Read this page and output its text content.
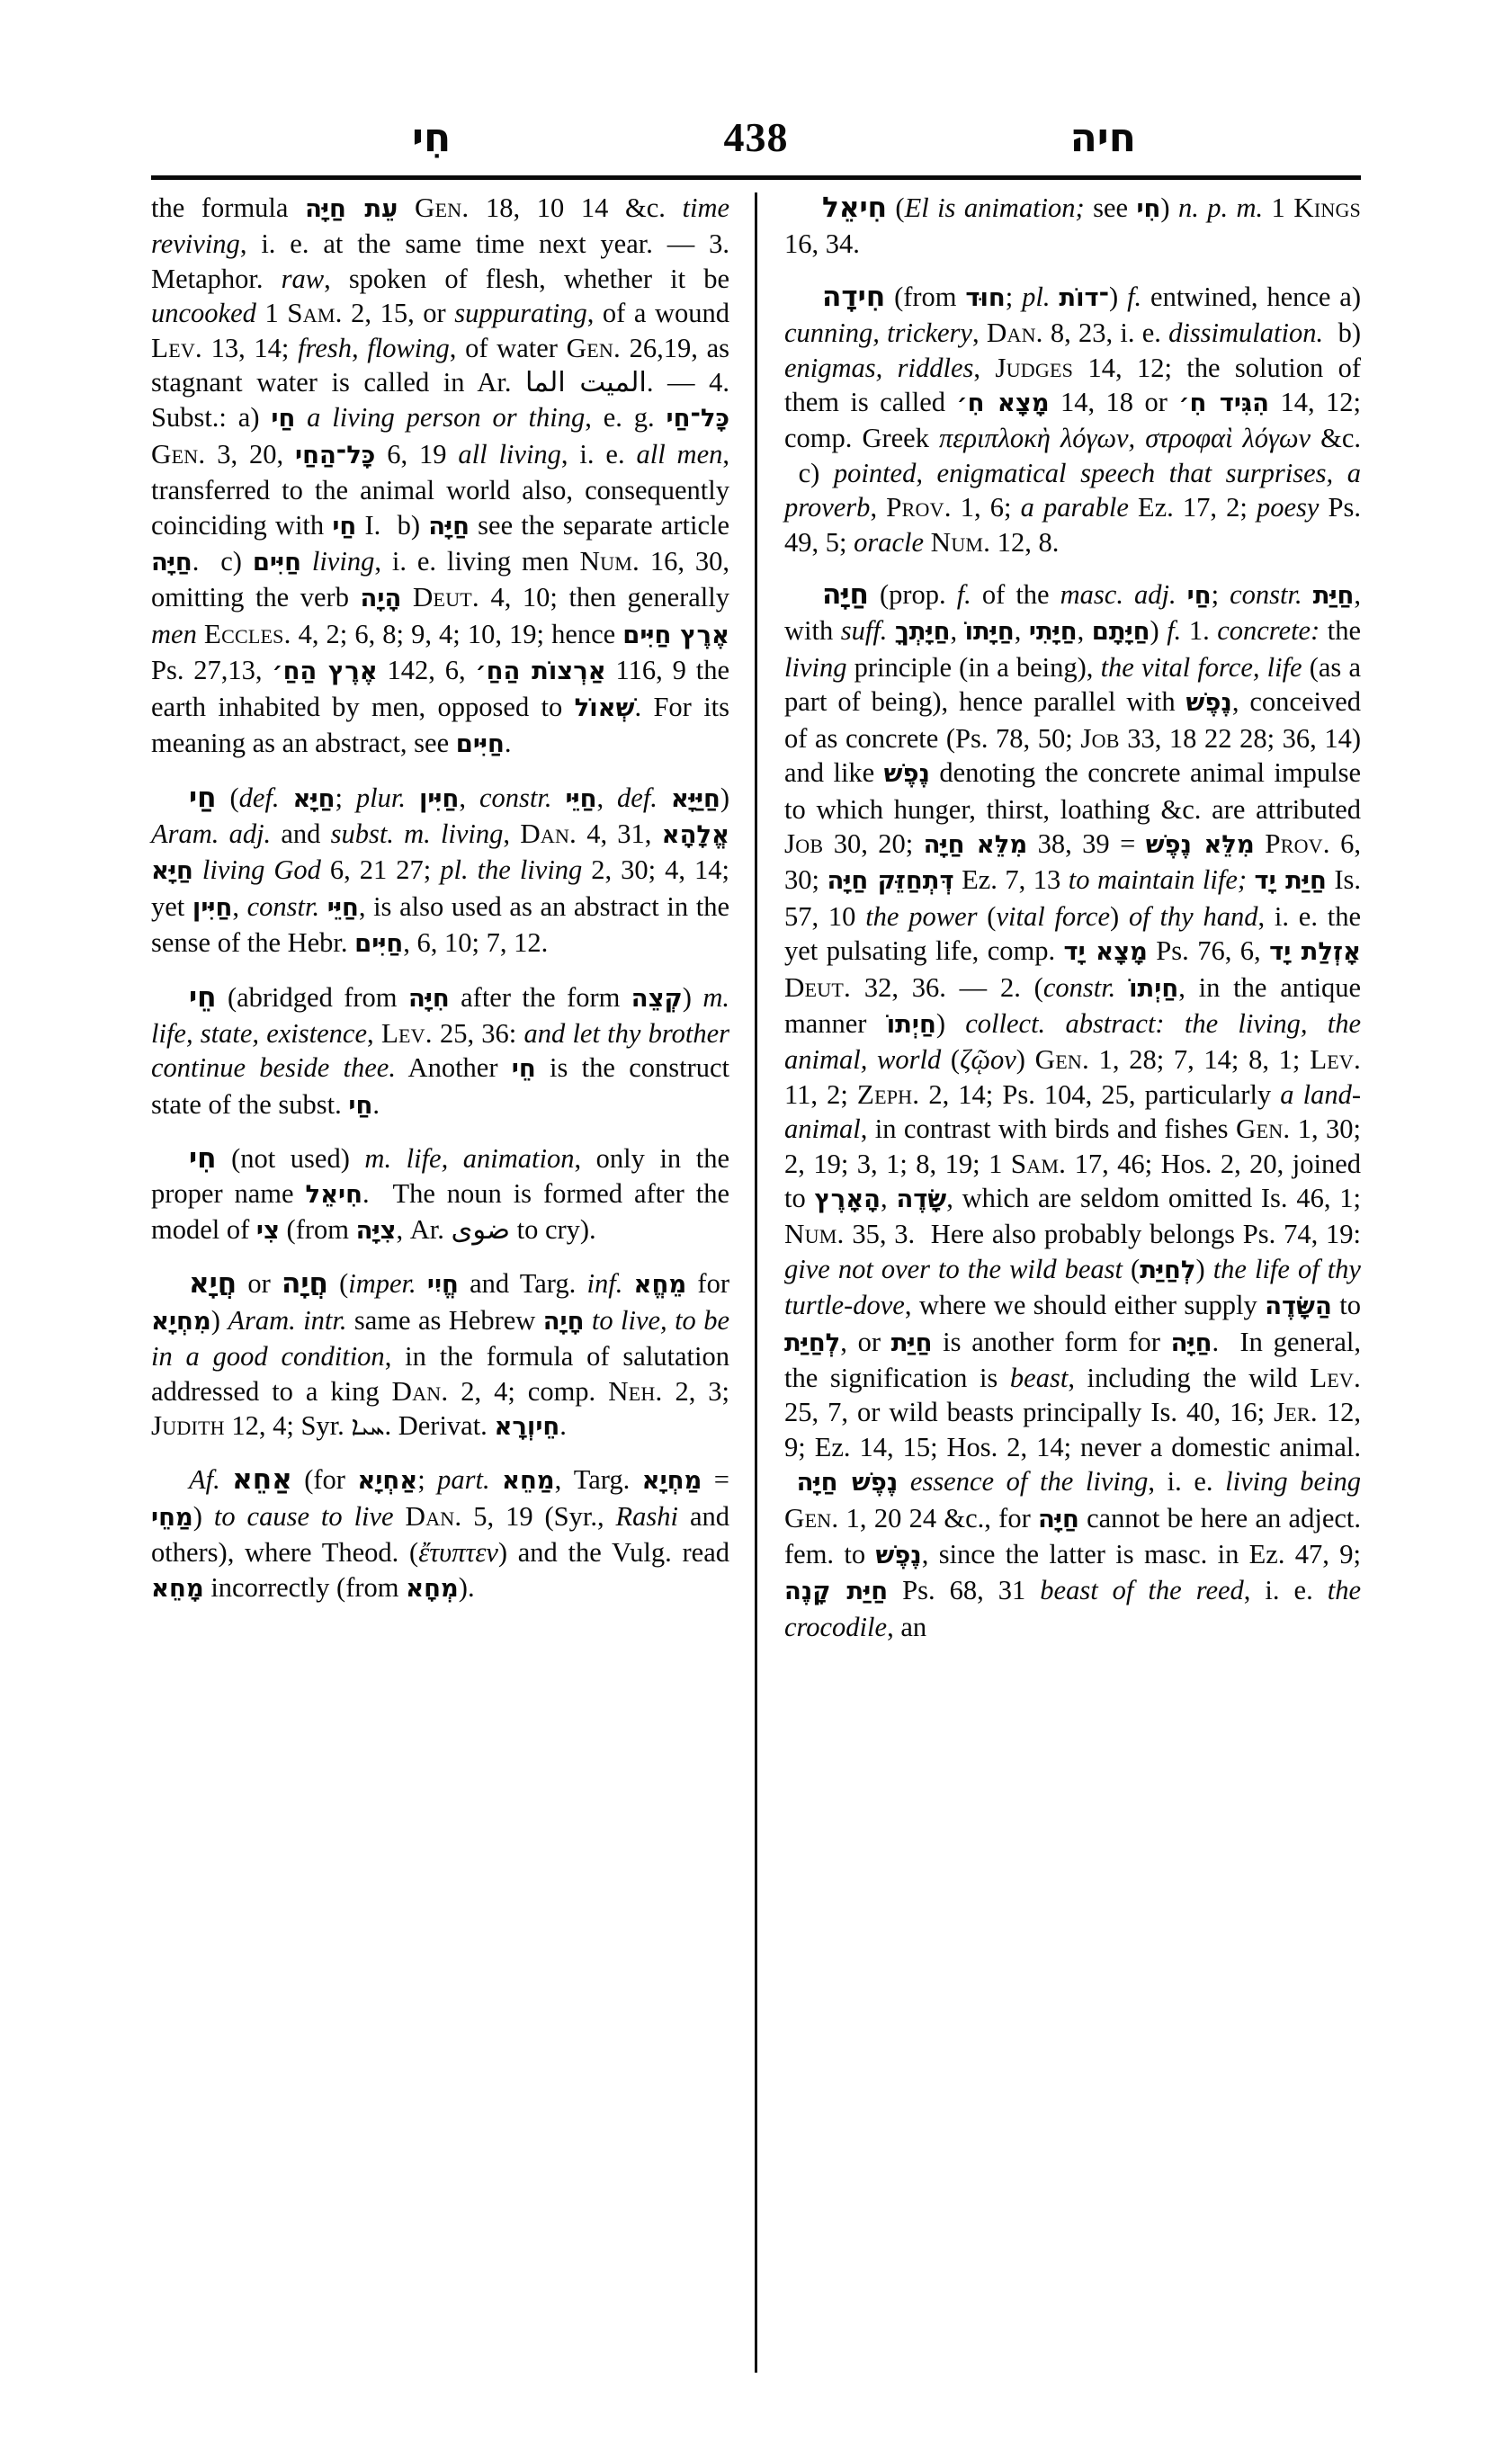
חִי	438	חיה

the formula עֵת חַיָּה Gen. 18, 10 14 &c. time reviving, i. e. at the same time next year. — 3. Metaphor. raw, spoken of flesh, whether it be uncooked 1 Sam. 2, 15, or suppurating, of a wound Lev. 13, 14; fresh, flowing, of water Gen. 26,19, as stagnant water is called in Ar. الما الميت. — 4. Subst.: a) חַי a living person or thing, e. g. כָּל־חַי Gen. 3, 20, כָּל־הַחַי 6, 19 all living, i. e. all men, transferred to the animal world also, consequently coinciding with חַי I.  b) חַיָּה see the separate article חַיָּה.  c) חַיִּים living, i. e. living men Num. 16, 30, omitting the verb הָיָה Deut. 4, 10; then generally men Eccles. 4, 2; 6, 8; 9, 4; 10, 19; hence אֶרֶץ חַיִּים Ps. 27,13, אֶרֶץ הַחַ׳ 142, 6, אַרְצוֹת הַחַ׳ 116, 9 the earth inhabited by men, opposed to שְׁאוֹל. For its meaning as an abstract, see חַיִּים.

חַי (def. חַיָּא; plur. חַיִּין, constr. חַיֵּי, def. חַיַּיָּא) Aram. adj. and subst. m. living, Dan. 4, 31, אֱלָהָא חַיָּא living God 6, 21 27; pl. the living 2, 30; 4, 14; yet חַיִּין, constr. חַיֵּי, is also used as an abstract in the sense of the Hebr. חַיִּים, 6, 10; 7, 12.

חֵי (abridged from חִיָּה after the form קְצֵה) m. life, state, existence, Lev. 25, 36: and let thy brother continue beside thee. Another חֵי is the construct state of the subst. חַי.

חִי (not used) m. life, animation, only in the proper name חִיאֵל.  The noun is formed after the model of צִי (from צִיָּה, Ar. ضوى to cry).

חֲיָא or חֲיָה (imper. חֱיִי and Targ. inf. מֵחֱא for מִחְיָא) Aram. intr. same as Hebrew חָיָה to live, to be in a good condition, in the formula of salutation addressed to a king Dan. 2, 4; comp. Neh. 2, 3; Judith 12, 4; Syr. ܚܝܐ. Derivat. חֵיוְרָא.

Af. אַחֵא (for אַחְיָא; part. מַחֵא, Targ. מַחְיָא = מַחֵי) to cause to live Dan. 5, 19 (Syr., Rashi and others), where Theod. (ἔτυπτεν) and the Vulg. read מָחֵא incorrectly (from מְחָא).

חִיאֵל (El is animation; see חִי) n. p. m. 1 Kings 16, 34.

חִידָה (from חוּד; pl. ־דוֹת) f. entwined, hence a) cunning, trickery, Dan. 8, 23, i. e. dissimulation.  b) enigmas, riddles, Judges 14, 12; the solution of them is called מָצָא חִ׳ 14, 18 or הִגִּיד חִ׳ 14, 12; comp. Greek περιπλοκὴ λόγων, στροφαὶ λόγων &c.  c) pointed, enigmatical speech that surprises, a proverb, Prov. 1, 6; a parable Ez. 17, 2; poesy Ps. 49, 5; oracle Num. 12, 8.

חַיָּה (prop. f. of the masc. adj. חַי; constr. חַיַּת, with suff. חַיָּתְךָ, חַיָּתוֹ, חַיָּתִי, חַיָּתָם) f. 1. concrete: the living principle (in a being), the vital force, life (as a part of being), hence parallel with נֶפֶשׁ, conceived of as concrete (Ps. 78, 50; Job 33, 18 22 28; 36, 14) and like נֶפֶשׁ denoting the concrete animal impulse to which hunger, thirst, loathing &c. are attributed Job 30, 20; מִלֵּא חַיָּה 38, 39 = מִלֵּא נֶפֶשׁ Prov. 6, 30; דְּתְחַזֵּק חַיָּה Ez. 7, 13 to maintain life; חַיַּת יָד Is. 57, 10 the power (vital force) of thy hand, i. e. the yet pulsating life, comp. מָצָא יָד Ps. 76, 6, אָזְלַת יָד Deut. 32, 36. — 2. (constr. חַיְתוֹ, in the antique manner חַיְתוֹ) collect. abstract: the living, the animal, world (ζῷον) Gen. 1, 28; 7, 14; 8, 1; Lev. 11, 2; Zeph. 2, 14; Ps. 104, 25, particularly a land-animal, in contrast with birds and fishes Gen. 1, 30; 2, 19; 3, 1; 8, 19; 1 Sam. 17, 46; Hos. 2, 20, joined to הָאָרֶץ, שָׂדֶה, which are seldom omitted Is. 46, 1; Num. 35, 3.  Here also probably belongs Ps. 74, 19: give not over to the wild beast (לְחַיַּת) the life of thy turtle-dove, where we should either supply הַשָּׂדֶה to לְחַיַּת, or חַיַּת is another form for חַיָּה.  In general, the signification is beast, including the wild Lev. 25, 7, or wild beasts principally Is. 40, 16; Jer. 12, 9; Ez. 14, 15; Hos. 2, 14; never a domestic animal.  נֶפֶשׁ חַיָּה essence of the living, i. e. living being Gen. 1, 20 24 &c., for חַיָּה cannot be here an adject. fem. to נֶפֶשׁ, since the latter is masc. in Ez. 47, 9; חַיַּת קָנֶה Ps. 68, 31 beast of the reed, i. e. the crocodile, an
